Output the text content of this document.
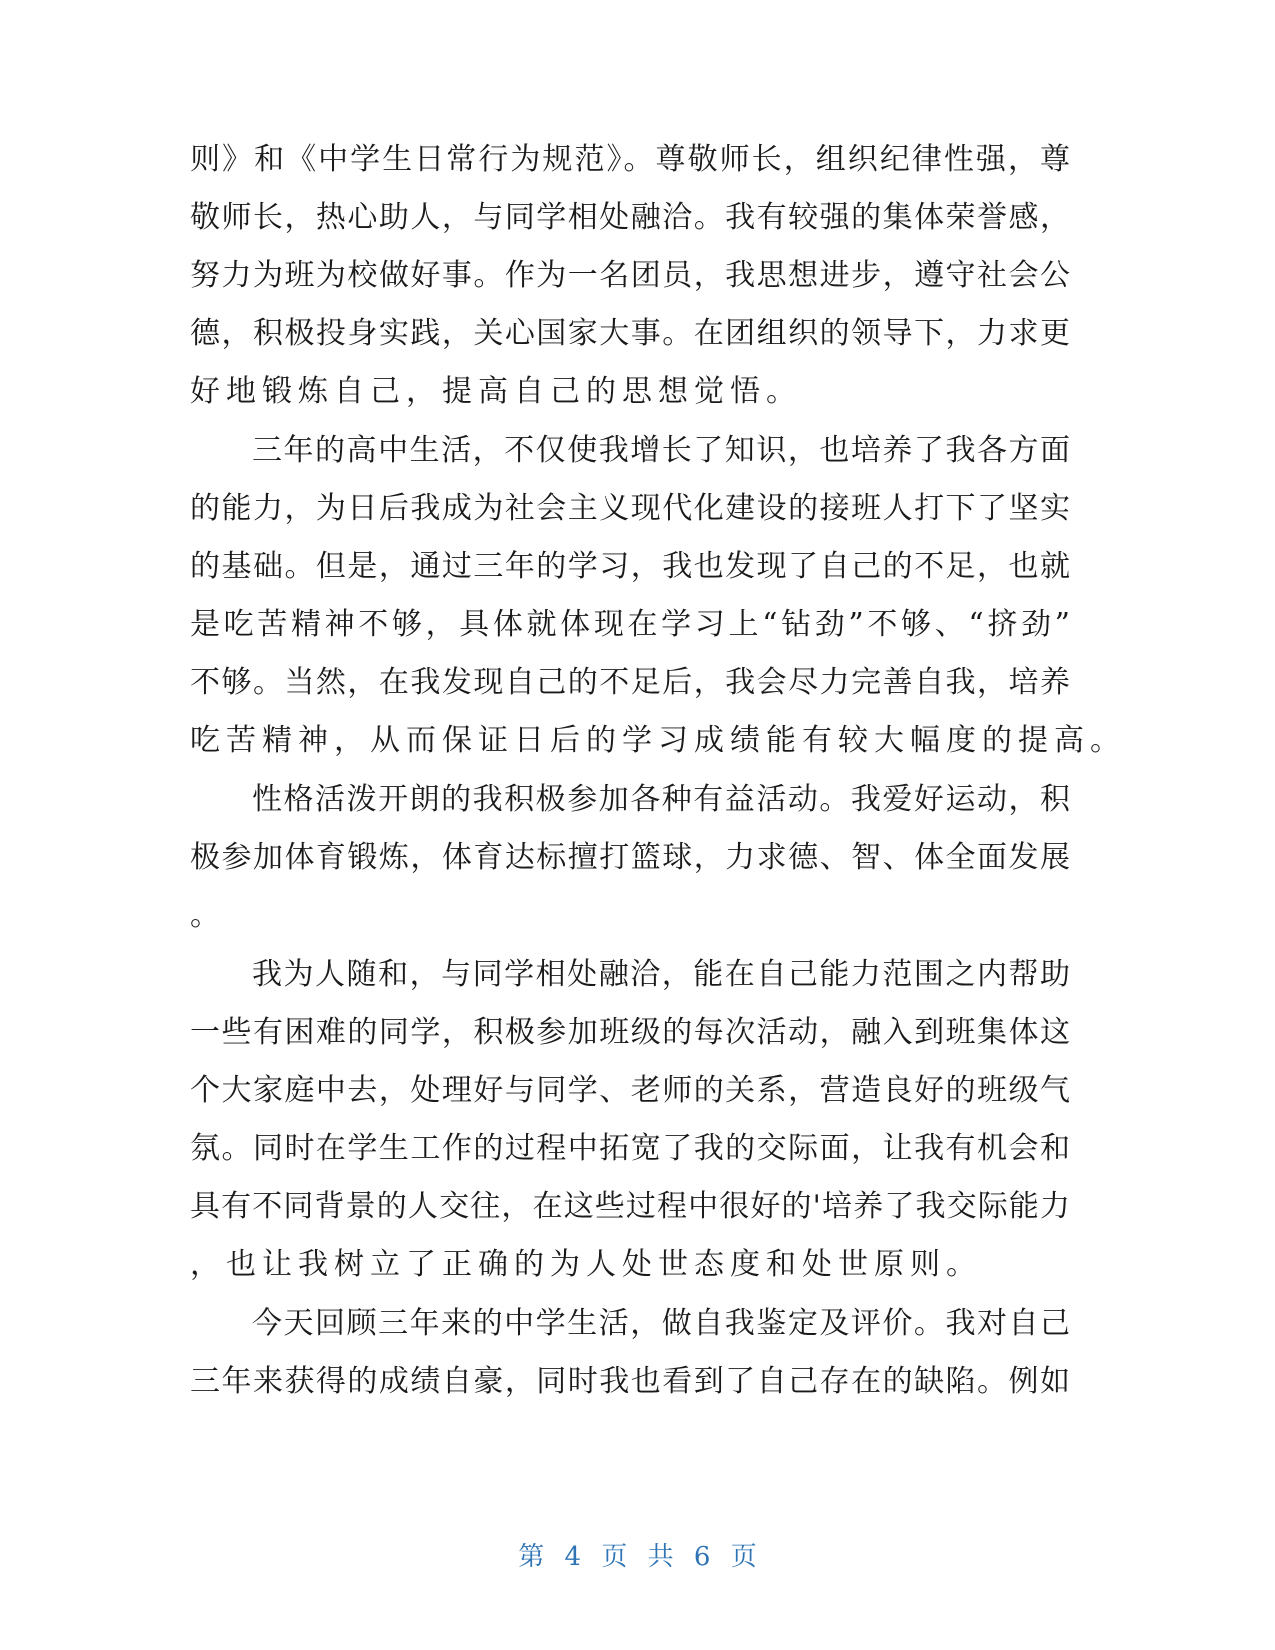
则》和《中学生日常行为规范》。尊敬师长，组织纪律性强，尊
敬师长，热心助人，与同学相处融洽。我有较强的集体荣誉感，
努力为班为校做好事。作为一名团员，我思想进步，遵守社会公
德，积极投身实践，关心国家大事。在团组织的领导下，力求更
好地锻炼自己，提高自己的思想觉悟。
三年的高中生活，不仅使我增长了知识，也培养了我各方面
的能力，为日后我成为社会主义现代化建设的接班人打下了坚实
的基础。但是，通过三年的学习，我也发现了自己的不足，也就
是吃苦精神不够，具体就体现在学习上“钻劲”不够、“挤劲”
不够。当然，在我发现自己的不足后，我会尽力完善自我，培养
吃苦精神，从而保证日后的学习成绩能有较大幅度的提高。
性格活泼开朗的我积极参加各种有益活动。我爱好运动，积
极参加体育锻炼，体育达标擅打篮球，力求德、智、体全面发展
。
我为人随和，与同学相处融洽，能在自己能力范围之内帮助
一些有困难的同学，积极参加班级的每次活动，融入到班集体这
个大家庭中去，处理好与同学、老师的关系，营造良好的班级气
氛。同时在学生工作的过程中拓宽了我的交际面，让我有机会和
具有不同背景的人交往，在这些过程中很好的'培养了我交际能力
，也让我树立了正确的为人处世态度和处世原则。
今天回顾三年来的中学生活，做自我鉴定及评价。我对自己
三年来获得的成绩自豪，同时我也看到了自己存在的缺陷。例如
第 4 页 共 6 页
